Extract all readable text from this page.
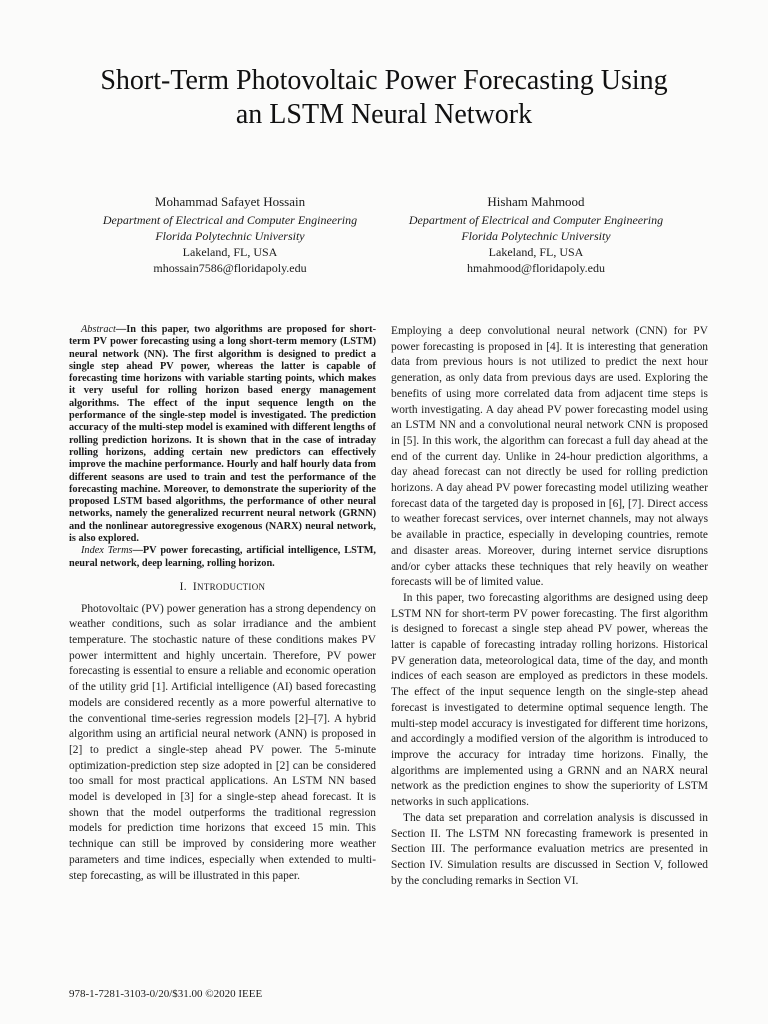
Short-Term Photovoltaic Power Forecasting Using
an LSTM Neural Network
Mohammad Safayet Hossain
Department of Electrical and Computer Engineering
Florida Polytechnic University
Lakeland, FL, USA
mhossain7586@floridapoly.edu
Hisham Mahmood
Department of Electrical and Computer Engineering
Florida Polytechnic University
Lakeland, FL, USA
hmahmood@floridapoly.edu

Abstract—In this paper, two algorithms are proposed for short-term PV power forecasting using a long short-term memory (LSTM) neural network (NN). The first algorithm is designed to predict a single step ahead PV power, whereas the latter is capable of forecasting time horizons with variable starting points, which makes it very useful for rolling horizon based energy management algorithms. The effect of the input sequence length on the performance of the single-step model is investigated. The prediction accuracy of the multi-step model is examined with different lengths of rolling prediction horizons. It is shown that in the case of intraday rolling horizons, adding certain new predictors can effectively improve the machine performance. Hourly and half hourly data from different seasons are used to train and test the performance of the forecasting machine. Moreover, to demonstrate the superiority of the proposed LSTM based algorithms, the performance of other neural networks, namely the generalized recurrent neural network (GRNN) and the nonlinear autoregressive exogenous (NARX) neural network, is also explored.

Index Terms—PV power forecasting, artificial intelligence, LSTM, neural network, deep learning, rolling horizon.

I. INTRODUCTION

Photovoltaic (PV) power generation has a strong dependency on weather conditions, such as solar irradiance and the ambient temperature. The stochastic nature of these conditions makes PV power intermittent and highly uncertain. Therefore, PV power forecasting is essential to ensure a reliable and economic operation of the utility grid [1]. Artificial intelligence (AI) based forecasting models are considered recently as a more powerful alternative to the conventional time-series regression models [2]–[7]. A hybrid algorithm using an artificial neural network (ANN) is proposed in [2] to predict a single-step ahead PV power. The 5-minute optimization-prediction step size adopted in [2] can be considered too small for most practical applications. An LSTM NN based model is developed in [3] for a single-step ahead forecast. It is shown that the model outperforms the traditional regression models for prediction time horizons that exceed 15 min. This technique can still be improved by considering more weather parameters and time indices, especially when extended to multi-step forecasting, as will be illustrated in this paper.

Employing a deep convolutional neural network (CNN) for PV power forecasting is proposed in [4]. It is interesting that generation data from previous hours is not utilized to predict the next hour generation, as only data from previous days are used. Exploring the benefits of using more correlated data from adjacent time steps is worth investigating. A day ahead PV power forecasting model using an LSTM NN and a convolutional neural network CNN is proposed in [5]. In this work, the algorithm can forecast a full day ahead at the end of the current day. Unlike in 24-hour prediction algorithms, a day ahead forecast can not directly be used for rolling prediction horizons. A day ahead PV power forecasting model utilizing weather forecast data of the targeted day is proposed in [6], [7]. Direct access to weather forecast services, over internet channels, may not always be available in practice, especially in developing countries, remote and disaster areas. Moreover, during internet service disruptions and/or cyber attacks these techniques that rely heavily on weather forecasts will be of limited value.

In this paper, two forecasting algorithms are designed using deep LSTM NN for short-term PV power forecasting. The first algorithm is designed to forecast a single step ahead PV power, whereas the latter is capable of forecasting intraday rolling horizons. Historical PV generation data, meteorological data, time of the day, and month indices of each season are employed as predictors in these models. The effect of the input sequence length on the single-step ahead forecast is investigated to determine optimal sequence length. The multi-step model accuracy is investigated for different time horizons, and accordingly a modified version of the algorithm is introduced to improve the accuracy for intraday time horizons. Finally, the algorithms are implemented using a GRNN and an NARX neural network as the prediction engines to show the superiority of LSTM networks in such applications.

The data set preparation and correlation analysis is discussed in Section II. The LSTM NN forecasting framework is presented in Section III. The performance evaluation metrics are presented in Section IV. Simulation results are discussed in Section V, followed by the concluding remarks in Section VI.

978-1-7281-3103-0/20/$31.00 ©2020 IEEE
